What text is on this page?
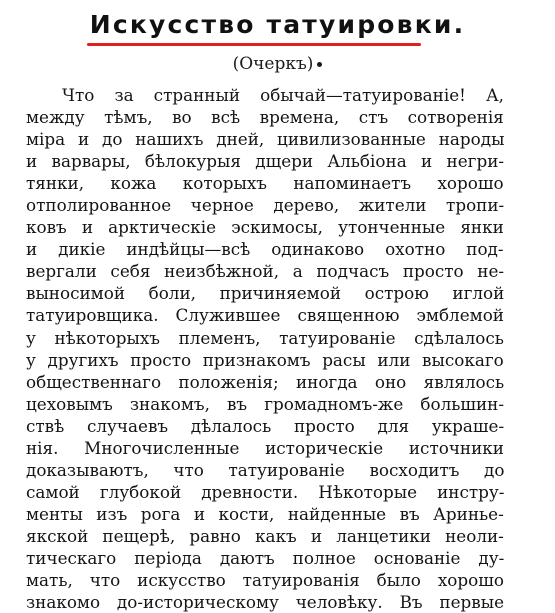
Искусство татуировки.
(Очеркъ)
Что за странный обычай—татуированіе! А,
между тѣмъ, во всѣ времена, стъ сотворенія
міра и до нашихъ дней, цивилизованные народы
и варвары, бѣлокурыя дщери Альбіона и негри-
тянки, кожа которыхъ напоминаетъ хорошо
отполированное черное дерево, жители тропи-
ковъ и арктическіе эскимосы, утонченные янки
и дикіе индѣйцы—всѣ одинаково охотно под-
вергали себя неизбѣжной, а подчасъ просто не-
выносимой боли, причиняемой острою иглой
татуировщика. Служившее священною эмблемой
у нѣкоторыхъ племенъ, татуированіе сдѣлалось
у другихъ просто признакомъ расы или высокаго
общественнаго положенія; иногда оно являлось
цеховымъ знакомъ, въ громадномъ-же большин-
ствѣ случаевъ дѣлалось просто для украше-
нія. Многочисленные историческіе источники
доказываютъ, что татуированіе восходитъ до
самой глубокой древности. Нѣкоторые инстру-
менты изъ рога и кости, найденные въ Ариньe-
якской пещерѣ, равно какъ и ланцетики неоли-
тическаго періода даютъ полное основаніе ду-
мать, что искусство татуированія было хорошо
знакомо до-историческому человѣку. Въ первые
